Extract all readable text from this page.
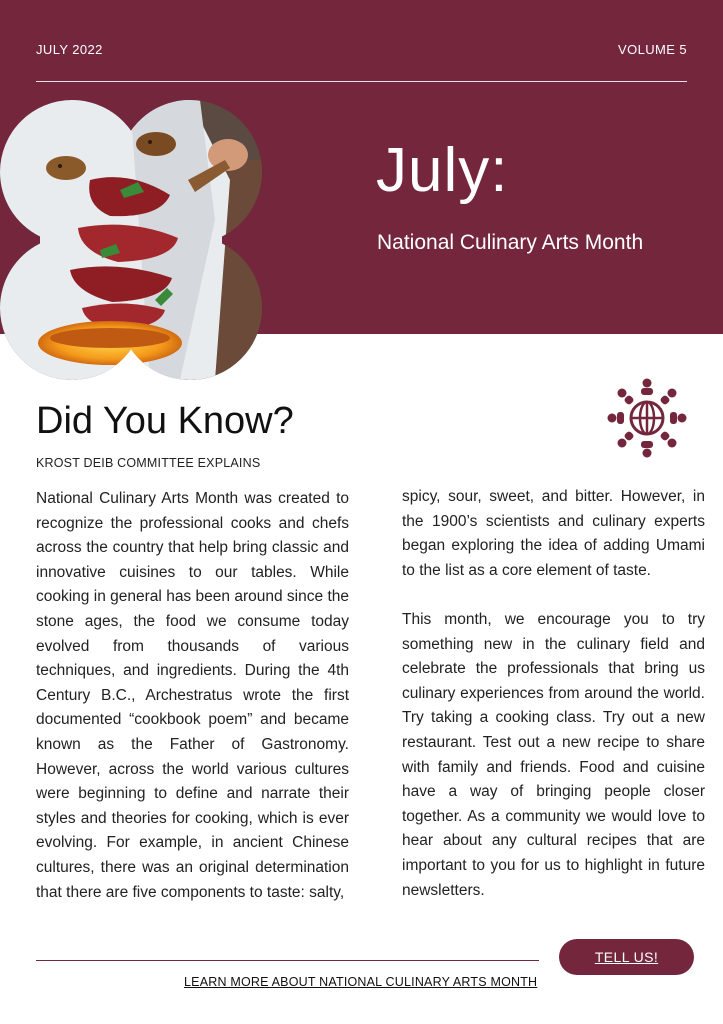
JULY 2022	VOLUME 5
July:

National Culinary Arts Month

Did You Know?
KROST DEIB COMMITTEE EXPLAINS

National Culinary Arts Month was created to recognize the professional cooks and chefs across the country that help bring classic and innovative cuisines to our tables. While cooking in general has been around since the stone ages, the food we consume today evolved from thousands of various techniques, and ingredients. During the 4th Century B.C., Archestratus wrote the first documented “cookbook poem” and became known as the Father of Gastronomy. However, across the world various cultures were beginning to define and narrate their styles and theories for cooking, which is ever evolving. For example, in ancient Chinese cultures, there was an original determination that there are five components to taste: salty,

spicy, sour, sweet, and bitter. However, in the 1900’s scientists and culinary experts began exploring the idea of adding Umami to the list as a core element of taste.

This month, we encourage you to try something new in the culinary field and celebrate the professionals that bring us culinary experiences from around the world. Try taking a cooking class. Try out a new restaurant. Test out a new recipe to share with family and friends. Food and cuisine have a way of bringing people closer together. As a community we would love to hear about any cultural recipes that are important to you for us to highlight in future newsletters.

TELL US!
LEARN MORE ABOUT NATIONAL CULINARY ARTS MONTH
